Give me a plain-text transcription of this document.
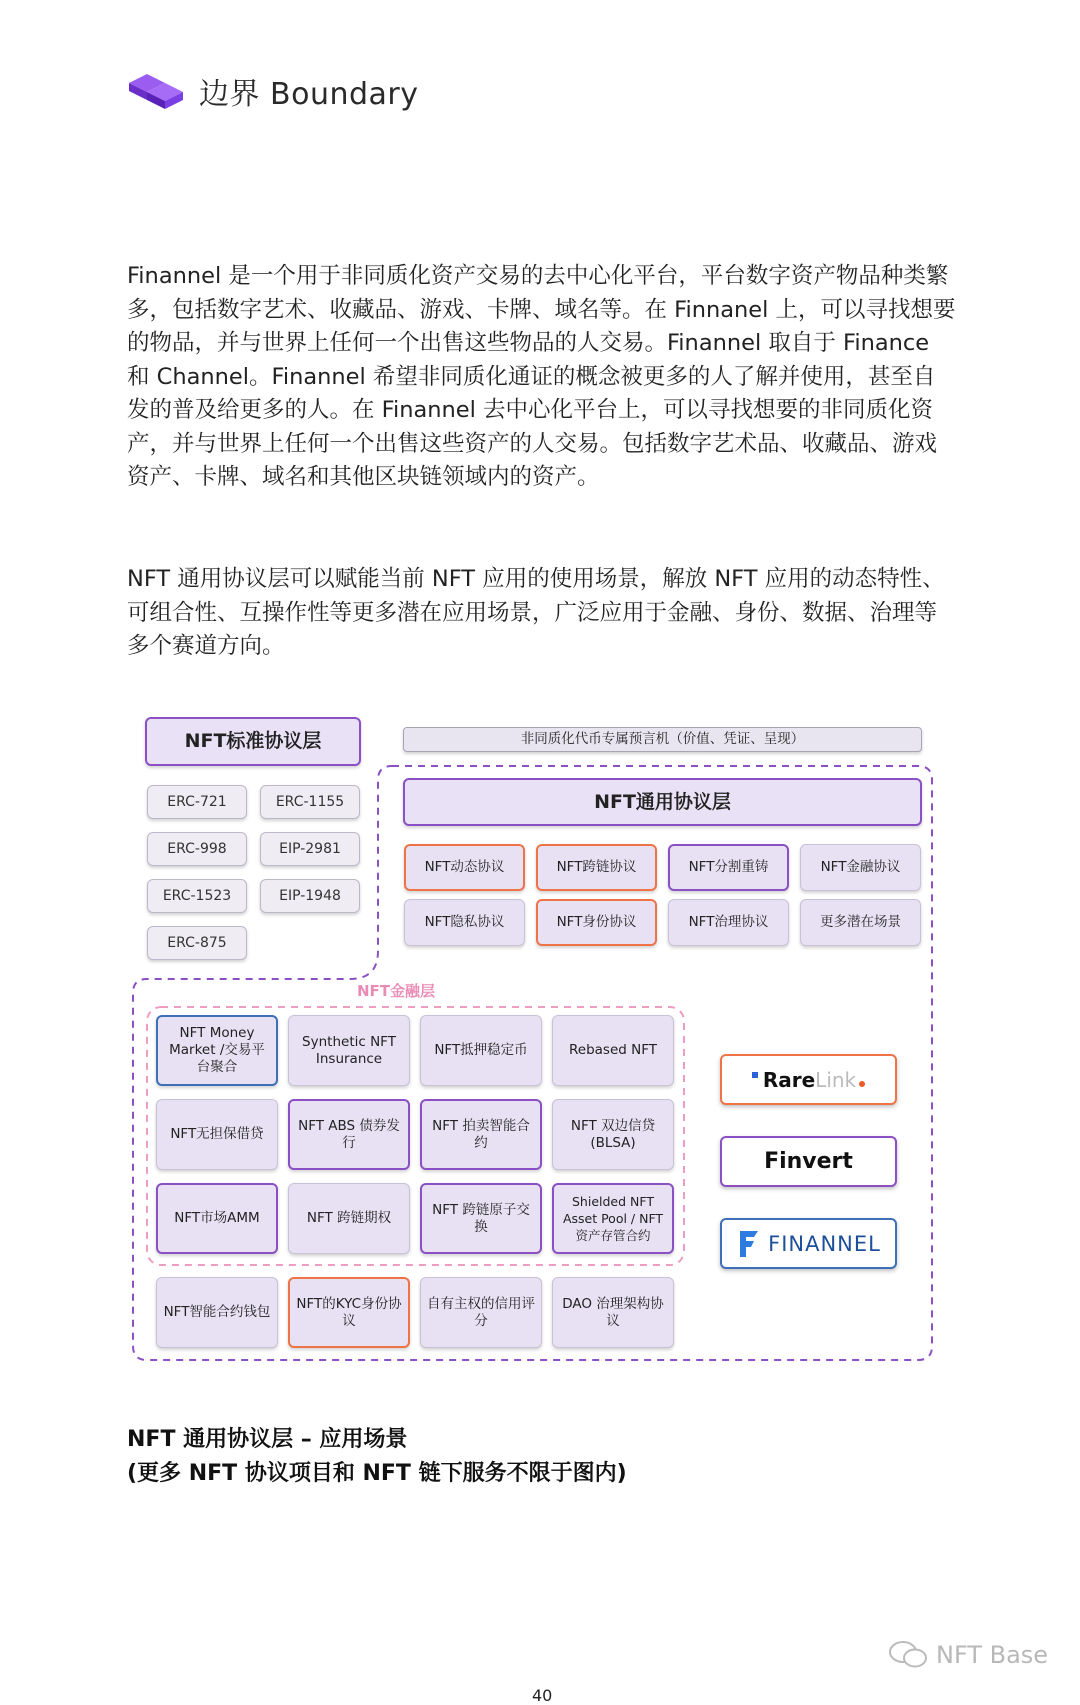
边界 Boundary

Finannel 是一个用于非同质化资产交易的去中心化平台，平台数字资产物品种类繁多，包括数字艺术、收藏品、游戏、卡牌、域名等。在 Finnanel 上，可以寻找想要的物品，并与世界上任何一个出售这些物品的人交易。Finannel 取自于 Finance 和 Channel。Finannel 希望非同质化通证的概念被更多的人了解并使用，甚至自发的普及给更多的人。在 Finannel 去中心化平台上，可以寻找想要的非同质化资产，并与世界上任何一个出售这些资产的人交易。包括数字艺术品、收藏品、游戏资产、卡牌、域名和其他区块链领域内的资产。

NFT 通用协议层可以赋能当前 NFT 应用的使用场景，解放 NFT 应用的动态特性、可组合性、互操作性等更多潜在应用场景，广泛应用于金融、身份、数据、治理等多个赛道方向。

NFT标准协议层	非同质化代币专属预言机（价值、凭证、呈现）
ERC-721	ERC-1155
ERC-998	EIP-2981
ERC-1523	EIP-1948
ERC-875
NFT通用协议层
NFT动态协议	NFT跨链协议	NFT分割重铸	NFT金融协议
NFT隐私协议	NFT身份协议	NFT治理协议	更多潜在场景
NFT金融层
NFT Money Market /交易平台聚合
Synthetic NFT Insurance
NFT抵押稳定币	Rebased NFT
NFT无担保借贷
NFT ABS 债券发行
NFT 拍卖智能合约
NFT 双边信贷 (BLSA)
NFT市场AMM	NFT 跨链期权
NFT 跨链原子交换
Shielded NFT Asset Pool / NFT资产存管合约
NFT智能合约钱包
NFT的KYC身份协议
自有主权的信用评分
DAO 治理架构协议
Rare Link
Finvert
FINANNEL

NFT 通用协议层 – 应用场景

(更多 NFT 协议项目和 NFT 链下服务不限于图内)

NFT Base
40
